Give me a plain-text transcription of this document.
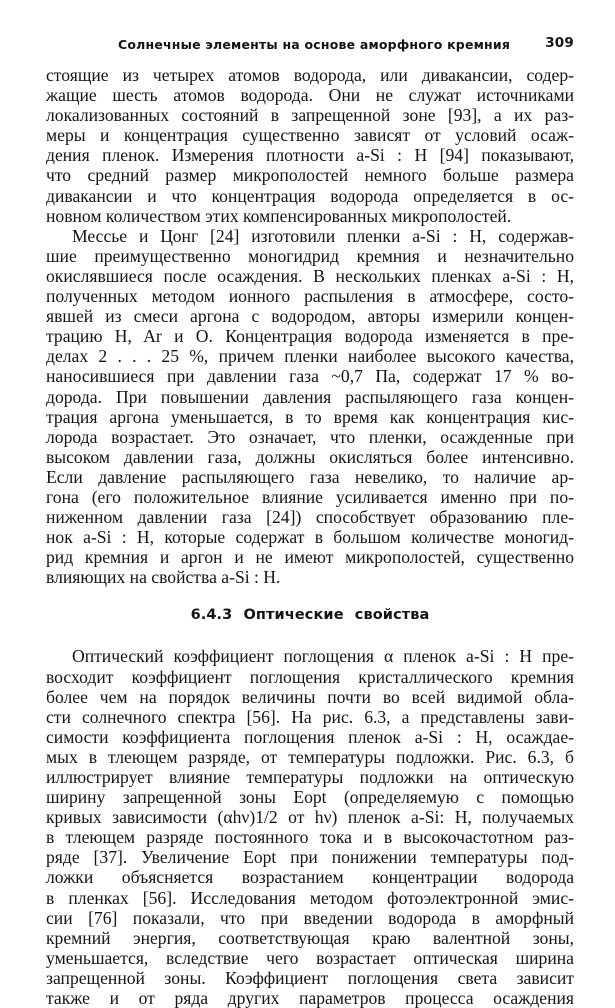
Солнечные элементы на основе аморфного кремния	309
стоящие из четырех атомов водорода, или дивакансии, содер-
жащие шесть атомов водорода. Они не служат источниками
локализованных состояний в запрещенной зоне [93], а их раз-
меры и концентрация существенно зависят от условий осаж-
дения пленок. Измерения плотности a-Si : H [94] показывают,
что средний размер микрополостей немного больше размера
дивакансии и что концентрация водорода определяется в ос-
новном количеством этих компенсированных микрополостей.
Мессье и Цонг [24] изготовили пленки a-Si : H, содержав-
шие преимущественно моногидрид кремния и незначительно
окислявшиеся после осаждения. В нескольких пленках a-Si : H,
полученных методом ионного распыления в атмосфере, состо-
явшей из смеси аргона с водородом, авторы измерили концен-
трацию H, Ar и O. Концентрация водорода изменяется в пре-
делах 2 . . . 25 %, причем пленки наиболее высокого качества,
наносившиеся при давлении газа ~0,7 Па, содержат 17 % во-
дорода. При повышении давления распыляющего газа концен-
трация аргона уменьшается, в то время как концентрация кис-
лорода возрастает. Это означает, что пленки, осажденные при
высоком давлении газа, должны окисляться более интенсивно.
Если давление распыляющего газа невелико, то наличие ар-
гона (его положительное влияние усиливается именно при по-
ниженном давлении газа [24]) способствует образованию пле-
нок a-Si : H, которые содержат в большом количестве моногид-
рид кремния и аргон и не имеют микрополостей, существенно
влияющих на свойства a-Si : H.
6.4.3 Оптические свойства
Оптический коэффициент поглощения α пленок a-Si : H пре-
восходит коэффициент поглощения кристаллического кремния
более чем на порядок величины почти во всей видимой обла-
сти солнечного спектра [56]. На рис. 6.3, a представлены зави-
симости коэффициента поглощения пленок a-Si : H, осаждае-
мых в тлеющем разряде, от температуры подложки. Рис. 6.3, б
иллюстрирует влияние температуры подложки на оптическую
ширину запрещенной зоны Eopt (определяемую с помощью
кривых зависимости (αhν)1/2 от hν) пленок a-Si: H, получаемых
в тлеющем разряде постоянного тока и в высокочастотном раз-
ряде [37]. Увеличение Eopt при понижении температуры под-
ложки объясняется возрастанием концентрации водорода
в пленках [56]. Исследования методом фотоэлектронной эмис-
сии [76] показали, что при введении водорода в аморфный
кремний энергия, соответствующая краю валентной зоны,
уменьшается, вследствие чего возрастает оптическая ширина
запрещенной зоны. Коэффициент поглощения света зависит
также и от ряда других параметров процесса осаждения
